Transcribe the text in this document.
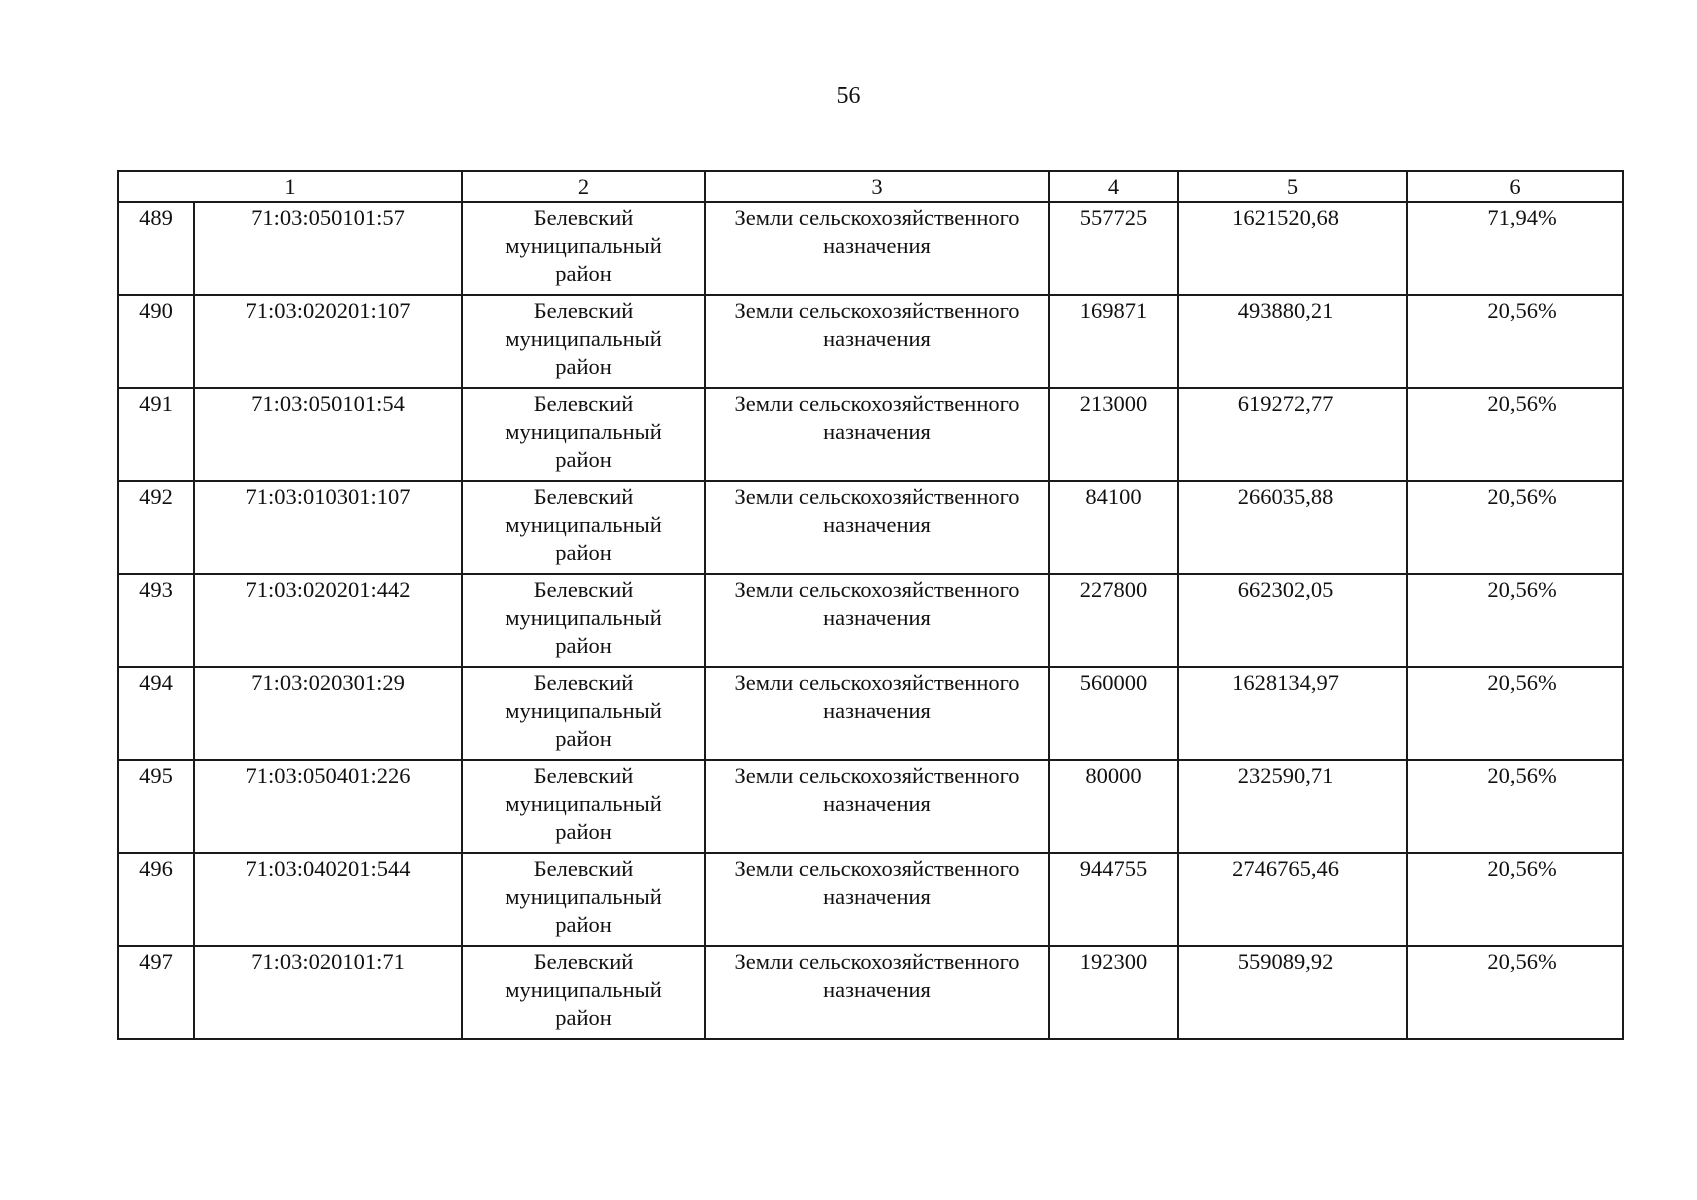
56
1		2	3	4	5	6
489	71:03:050101:57	Белевский
муниципальный
район	Земли сельскохозяйственного назначения	557725	1621520,68	71,94%
490	71:03:020201:107	Белевский
муниципальный
район	Земли сельскохозяйственного назначения	169871	493880,21	20,56%
491	71:03:050101:54	Белевский
муниципальный
район	Земли сельскохозяйственного назначения	213000	619272,77	20,56%
492	71:03:010301:107	Белевский
муниципальный
район	Земли сельскохозяйственного назначения	84100	266035,88	20,56%
493	71:03:020201:442	Белевский
муниципальный
район	Земли сельскохозяйственного назначения	227800	662302,05	20,56%
494	71:03:020301:29	Белевский
муниципальный
район	Земли сельскохозяйственного назначения	560000	1628134,97	20,56%
495	71:03:050401:226	Белевский
муниципальный
район	Земли сельскохозяйственного назначения	80000	232590,71	20,56%
496	71:03:040201:544	Белевский
муниципальный
район	Земли сельскохозяйственного назначения	944755	2746765,46	20,56%
497	71:03:020101:71	Белевский
муниципальный
район	Земли сельскохозяйственного назначения	192300	559089,92	20,56%
